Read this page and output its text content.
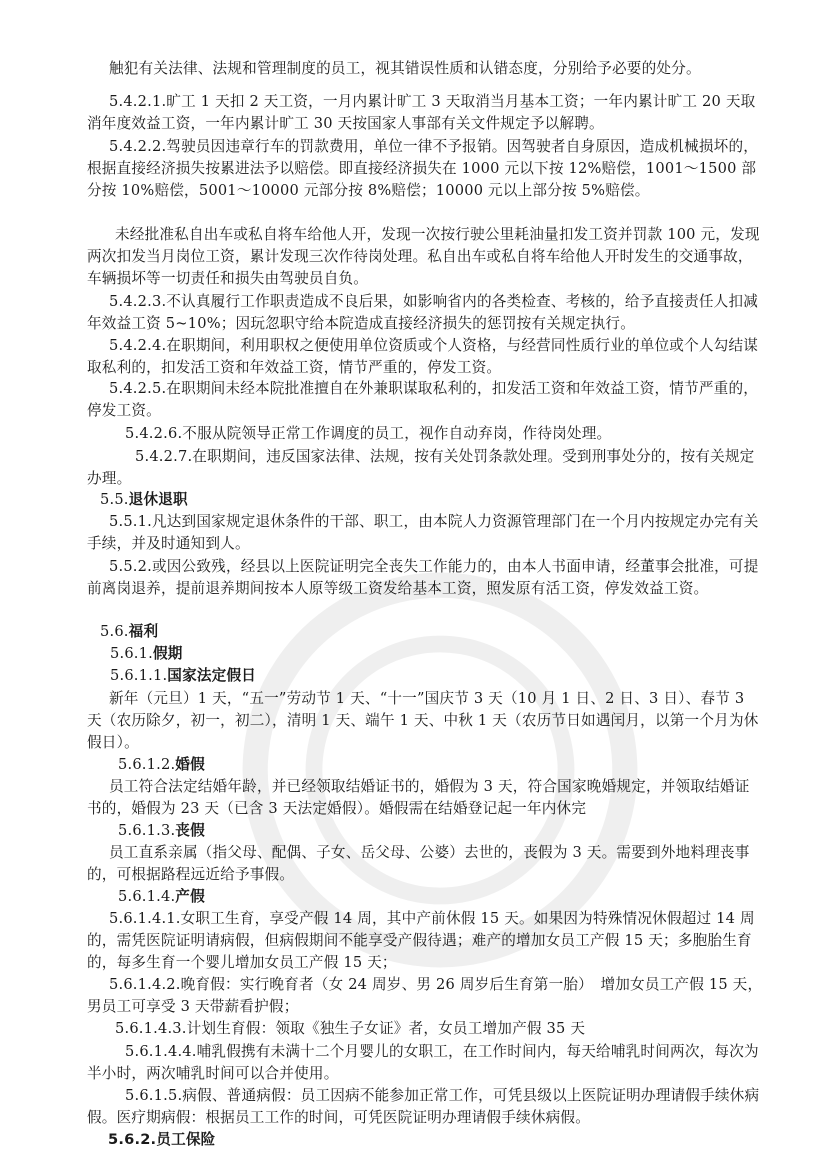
触犯有关法律、法规和管理制度的员工，视其错误性质和认错态度，分别给予必要的处分。

5.4.2.1.旷工 1 天扣 2 天工资，一月内累计旷工 3 天取消当月基本工资；一年内累计旷工 20 天取消年度效益工资，一年内累计旷工 30 天按国家人事部有关文件规定予以解聘。

5.4.2.2.驾驶员因违章行车的罚款费用，单位一律不予报销。因驾驶者自身原因，造成机械损坏的，根据直接经济损失按累进法予以赔偿。即直接经济损失在 1000 元以下按 12%赔偿，1001～1500 部分按 10%赔偿，5001～10000 元部分按 8%赔偿；10000 元以上部分按 5%赔偿。

未经批准私自出车或私自将车给他人开，发现一次按行驶公里耗油量扣发工资并罚款 100 元，发现两次扣发当月岗位工资，累计发现三次作待岗处理。私自出车或私自将车给他人开时发生的交通事故，车辆损坏等一切责任和损失由驾驶员自负。

5.4.2.3.不认真履行工作职责造成不良后果，如影响省内的各类检查、考核的，给予直接责任人扣减年效益工资 5~10%；因玩忽职守给本院造成直接经济损失的惩罚按有关规定执行。

5.4.2.4.在职期间，利用职权之便使用单位资质或个人资格，与经营同性质行业的单位或个人勾结谋取私利的，扣发活工资和年效益工资，情节严重的，停发工资。

5.4.2.5.在职期间未经本院批准擅自在外兼职谋取私利的，扣发活工资和年效益工资，情节严重的，停发工资。

5.4.2.6.不服从院领导正常工作调度的员工，视作自动弃岗，作待岗处理。

5.4.2.7.在职期间，违反国家法律、法规，按有关处罚条款处理。受到刑事处分的，按有关规定办理。

5.5.退休退职

5.5.1.凡达到国家规定退休条件的干部、职工，由本院人力资源管理部门在一个月内按规定办完有关手续，并及时通知到人。

5.5.2.或因公致残，经县以上医院证明完全丧失工作能力的，由本人书面申请，经董事会批准，可提前离岗退养，提前退养期间按本人原等级工资发给基本工资，照发原有活工资，停发效益工资。

5.6.福利

5.6.1.假期

5.6.1.1.国家法定假日

新年（元旦）1 天，“五一”劳动节 1 天、“十一”国庆节 3 天（10 月 1 日、2 日、3 日）、春节 3 天（农历除夕，初一，初二），清明 1 天、端午 1 天、中秋 1 天（农历节日如遇闰月，以第一个月为休假日）。

5.6.1.2.婚假

员工符合法定结婚年龄，并已经领取结婚证书的，婚假为 3 天，符合国家晚婚规定，并领取结婚证书的，婚假为 23 天（已含 3 天法定婚假）。婚假需在结婚登记起一年内休完

5.6.1.3.丧假

员工直系亲属（指父母、配偶、子女、岳父母、公婆）去世的，丧假为 3 天。需要到外地料理丧事的，可根据路程远近给予事假。

5.6.1.4.产假

5.6.1.4.1.女职工生育，享受产假 14 周，其中产前休假 15 天。如果因为特殊情况休假超过 14 周的，需凭医院证明请病假，但病假期间不能享受产假待遇；难产的增加女员工产假 15 天；多胞胎生育的，每多生育一个婴儿增加女员工产假 15 天；

5.6.1.4.2.晚育假：实行晚育者（女 24 周岁、男 26 周岁后生育第一胎）　增加女员工产假 15 天，男员工可享受 3 天带薪看护假；

5.6.1.4.3.计划生育假：领取《独生子女证》者，女员工增加产假 35 天

5.6.1.4.4.哺乳假携有未满十二个月婴儿的女职工，在工作时间内，每天给哺乳时间两次，每次为半小时，两次哺乳时间可以合并使用。

5.6.1.5.病假、普通病假：员工因病不能参加正常工作，可凭县级以上医院证明办理请假手续休病假。医疗期病假：根据员工工作的时间，可凭医院证明办理请假手续休病假。

5.6.2.员工保险
